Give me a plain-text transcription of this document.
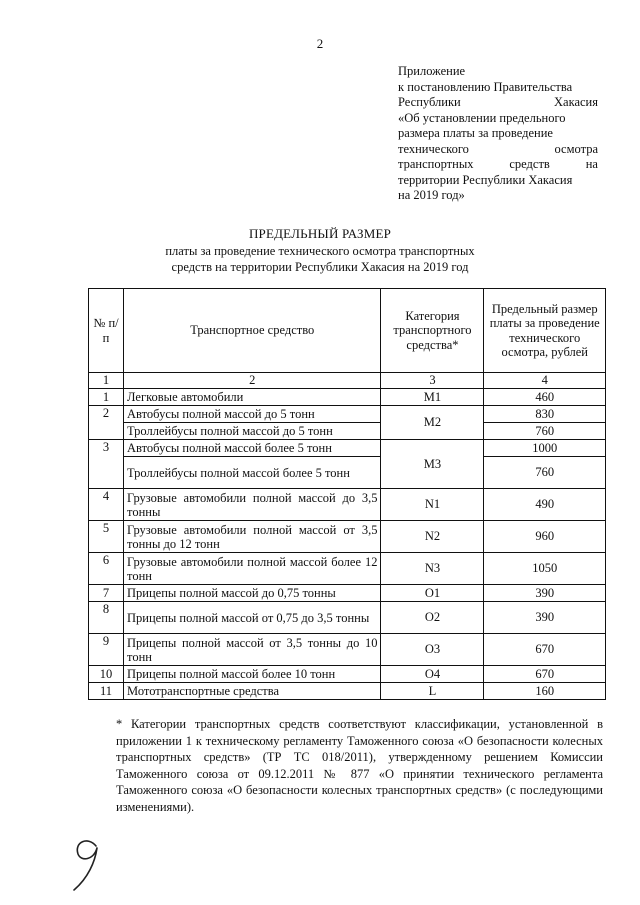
2
Приложение
к постановлению Правительства
Республики	Хакасия
«Об установлении предельного
размера платы за проведение
технического	осмотра
транспортных	средств	на
территории Республики Хакасия
на 2019 год»
ПРЕДЕЛЬНЫЙ РАЗМЕР
платы за проведение технического осмотра транспортных
средств на территории Республики Хакасия на 2019 год
№ п/п	Транспортное средство	Категория транспортного средства*	Предельный размер платы за проведение технического осмотра, рублей
1	2	3	4
1	Легковые автомобили	M1	460
2	Автобусы полной массой до 5 тонн	M2	830
	Троллейбусы полной массой до 5 тонн		760
3	Автобусы полной массой более 5 тонн	M3	1000
	Троллейбусы полной массой более 5 тонн		760
4	Грузовые автомобили полной массой до 3,5 тонны	N1	490
5	Грузовые автомобили полной массой от 3,5 тонны до 12 тонн	N2	960
6	Грузовые автомобили полной массой более 12 тонн	N3	1050
7	Прицепы полной массой до 0,75 тонны	O1	390
8	Прицепы полной массой от 0,75 до 3,5 тонны	O2	390
9	Прицепы полной массой от 3,5 тонны до 10 тонн	O3	670
10	Прицепы полной массой более 10 тонн	O4	670
11	Мототранспортные средства	L	160
* Категории транспортных средств соответствуют классификации, установленной в приложении 1 к техническому регламенту Таможенного союза «О безопасности колесных транспортных средств» (ТР ТС 018/2011), утвержденному решением Комиссии Таможенного союза от 09.12.2011 № 877 «О принятии технического регламента Таможенного союза «О безопасности колесных транспортных средств» (с последующими изменениями).
